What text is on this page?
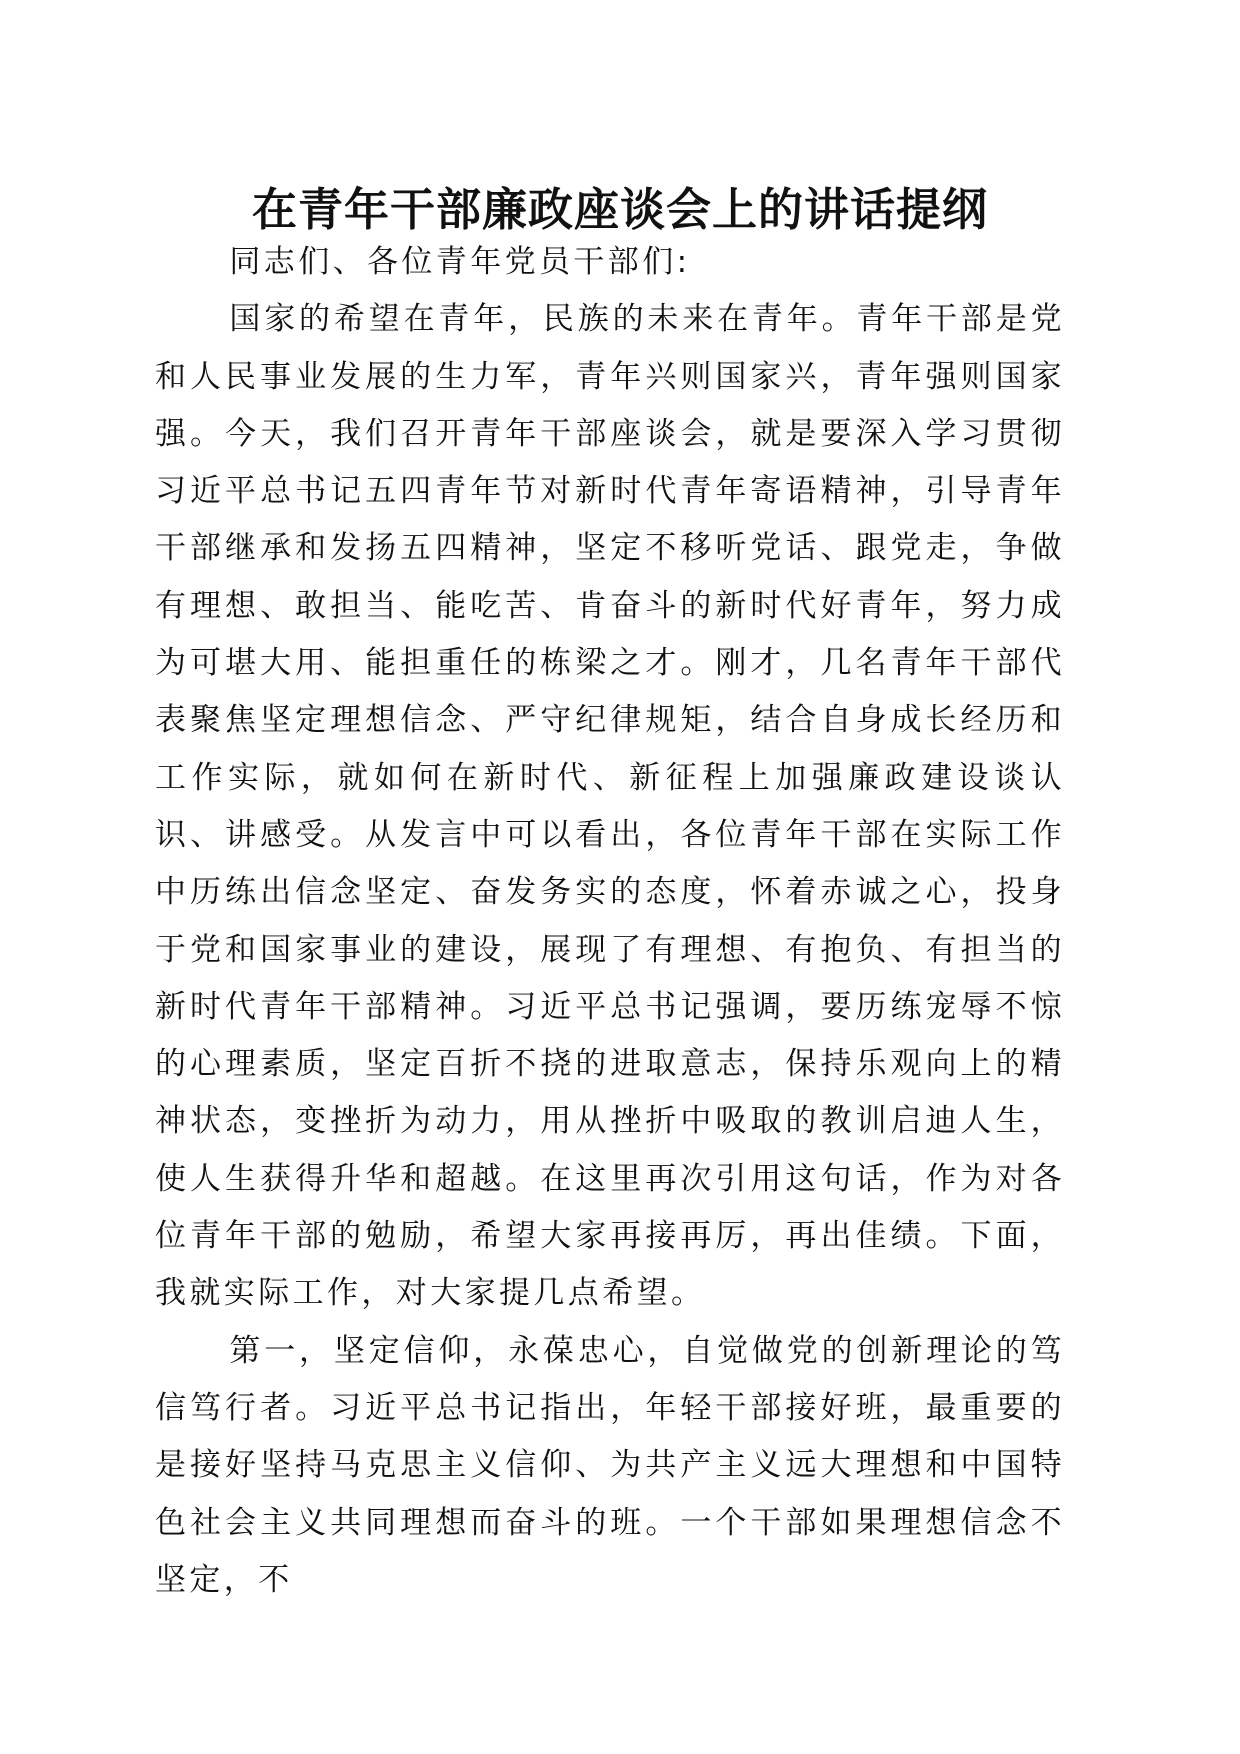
在青年干部廉政座谈会上的讲话提纲

同志们、各位青年党员干部们:

国家的希望在青年，民族的未来在青年。青年干部是党和人民事业发展的生力军，青年兴则国家兴，青年强则国家强。今天，我们召开青年干部座谈会，就是要深入学习贯彻习近平总书记五四青年节对新时代青年寄语精神，引导青年干部继承和发扬五四精神，坚定不移听党话、跟党走，争做有理想、敢担当、能吃苦、肯奋斗的新时代好青年，努力成为可堪大用、能担重任的栋梁之才。刚才，几名青年干部代表聚焦坚定理想信念、严守纪律规矩，结合自身成长经历和工作实际，就如何在新时代、新征程上加强廉政建设谈认识、讲感受。从发言中可以看出，各位青年干部在实际工作中历练出信念坚定、奋发务实的态度，怀着赤诚之心，投身于党和国家事业的建设，展现了有理想、有抱负、有担当的新时代青年干部精神。习近平总书记强调，要历练宠辱不惊的心理素质，坚定百折不挠的进取意志，保持乐观向上的精神状态，变挫折为动力，用从挫折中吸取的教训启迪人生，使人生获得升华和超越。在这里再次引用这句话，作为对各位青年干部的勉励，希望大家再接再厉，再出佳绩。下面，我就实际工作，对大家提几点希望。

第一，坚定信仰，永葆忠心，自觉做党的创新理论的笃信笃行者。习近平总书记指出，年轻干部接好班，最重要的是接好坚持马克思主义信仰、为共产主义远大理想和中国特色社会主义共同理想而奋斗的班。一个干部如果理想信念不坚定，不
